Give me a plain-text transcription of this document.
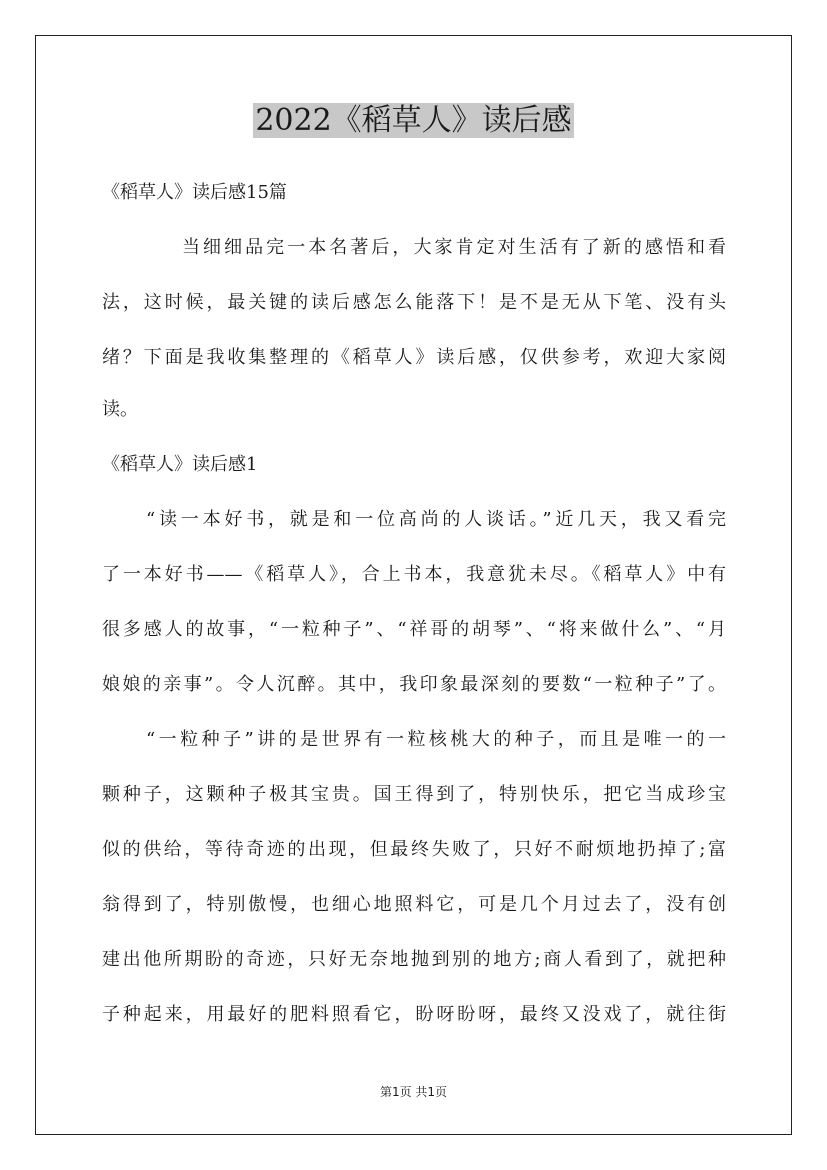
2022《稻草人》读后感
《稻草人》读后感15篇
当细细品完一本名著后，大家肯定对生活有了新的感悟和看
法，这时候，最关键的读后感怎么能落下！是不是无从下笔、没有头
绪？下面是我收集整理的《稻草人》读后感，仅供参考，欢迎大家阅
读。
《稻草人》读后感1
“读一本好书，就是和一位高尚的人谈话。”近几天，我又看完
了一本好书——《稻草人》，合上书本，我意犹未尽。《稻草人》中有
很多感人的故事，“一粒种子”、“祥哥的胡琴”、“将来做什么”、“月
娘娘的亲事”。令人沉醉。其中，我印象最深刻的要数“一粒种子”了。
“一粒种子”讲的是世界有一粒核桃大的种子，而且是唯一的一
颗种子，这颗种子极其宝贵。国王得到了，特别快乐，把它当成珍宝
似的供给，等待奇迹的出现，但最终失败了，只好不耐烦地扔掉了;富
翁得到了，特别傲慢，也细心地照料它，可是几个月过去了，没有创
建出他所期盼的奇迹，只好无奈地抛到别的地方;商人看到了，就把种
子种起来，用最好的肥料照看它，盼呀盼呀，最终又没戏了，就往街
第1页 共1页
